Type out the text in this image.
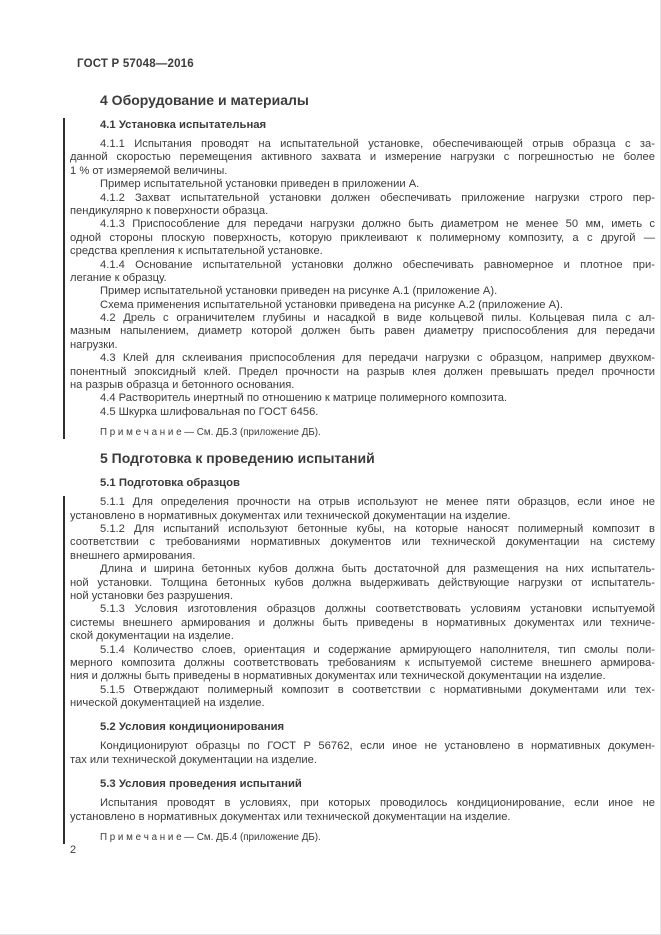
ГОСТ Р 57048—2016
4 Оборудование и материалы
4.1 Установка испытательная
4.1.1 Испытания проводят на испытательной установке, обеспечивающей отрыв образца с за-
данной скоростью перемещения активного захвата и измерение нагрузки с погрешностью не более
1 % от измеряемой величины.
Пример испытательной установки приведен в приложении А.
4.1.2 Захват испытательной установки должен обеспечивать приложение нагрузки строго пер-
пендикулярно к поверхности образца.
4.1.3 Приспособление для передачи нагрузки должно быть диаметром не менее 50 мм, иметь с
одной стороны плоскую поверхность, которую приклеивают к полимерному композиту, а с другой —
средства крепления к испытательной установке.
4.1.4 Основание испытательной установки должно обеспечивать равномерное и плотное при-
легание к образцу.
Пример испытательной установки приведен на рисунке А.1 (приложение А).
Схема применения испытательной установки приведена на рисунке А.2 (приложение А).
4.2 Дрель с ограничителем глубины и насадкой в виде кольцевой пилы. Кольцевая пила с ал-
мазным напылением, диаметр которой должен быть равен диаметру приспособления для передачи
нагрузки.
4.3 Клей для склеивания приспособления для передачи нагрузки с образцом, например двухком-
понентный эпоксидный клей. Предел прочности на разрыв клея должен превышать предел прочности
на разрыв образца и бетонного основания.
4.4 Растворитель инертный по отношению к матрице полимерного композита.
4.5 Шкурка шлифовальная по ГОСТ 6456.
П р и м е ч а н и е — См. ДБ.3 (приложение ДБ).
5 Подготовка к проведению испытаний
5.1 Подготовка образцов
5.1.1 Для определения прочности на отрыв используют не менее пяти образцов, если иное не
установлено в нормативных документах или технической документации на изделие.
5.1.2 Для испытаний используют бетонные кубы, на которые наносят полимерный композит в
соответствии с требованиями нормативных документов или технической документации на систему
внешнего армирования.
Длина и ширина бетонных кубов должна быть достаточной для размещения на них испытатель-
ной установки. Толщина бетонных кубов должна выдерживать действующие нагрузки от испытатель-
ной установки без разрушения.
5.1.3 Условия изготовления образцов должны соответствовать условиям установки испытуемой
системы внешнего армирования и должны быть приведены в нормативных документах или техниче-
ской документации на изделие.
5.1.4 Количество слоев, ориентация и содержание армирующего наполнителя, тип смолы поли-
мерного композита должны соответствовать требованиям к испытуемой системе внешнего армирова-
ния и должны быть приведены в нормативных документах или технической документации на изделие.
5.1.5 Отверждают полимерный композит в соответствии с нормативными документами или тех-
нической документацией на изделие.
5.2 Условия кондиционирования
Кондиционируют образцы по ГОСТ Р 56762, если иное не установлено в нормативных докумен-
тах или технической документации на изделие.
5.3 Условия проведения испытаний
Испытания проводят в условиях, при которых проводилось кондиционирование, если иное не
установлено в нормативных документах или технической документации на изделие.
П р и м е ч а н и е — См. ДБ.4 (приложение ДБ).
2
